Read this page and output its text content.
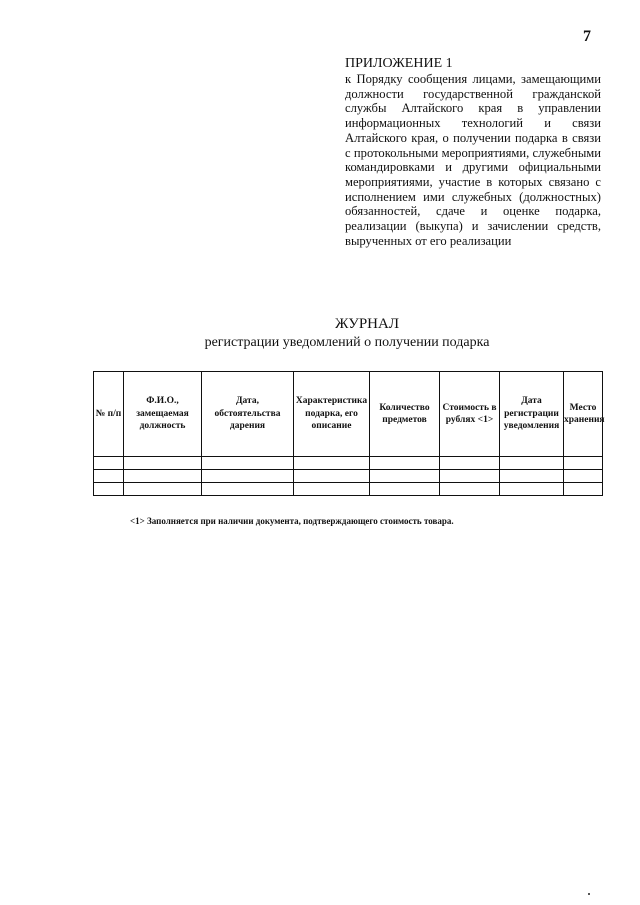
7
ПРИЛОЖЕНИЕ 1

к Порядку сообщения лицами, замещающими должности государственной гражданской службы Алтайского края в управлении информационных технологий и связи Алтайского края, о получении подарка в связи с протокольными мероприятиями, служебными командировками и другими официальными мероприятиями, участие в которых связано с исполнением ими служебных (должностных) обязанностей, сдаче и оценке подарка, реализации (выкупа) и зачислении средств, вырученных от его реализации

ЖУРНАЛ
регистрации уведомлений о получении подарка
№ п/п	Ф.И.О., замещаемая должность	Дата, обстоятельства дарения	Характеристика подарка, его описание	Количество предметов	Стоимость в рублях <1>	Дата регистрации уведомления	Место хранения

<1> Заполняется при наличии документа, подтверждающего стоимость товара.
